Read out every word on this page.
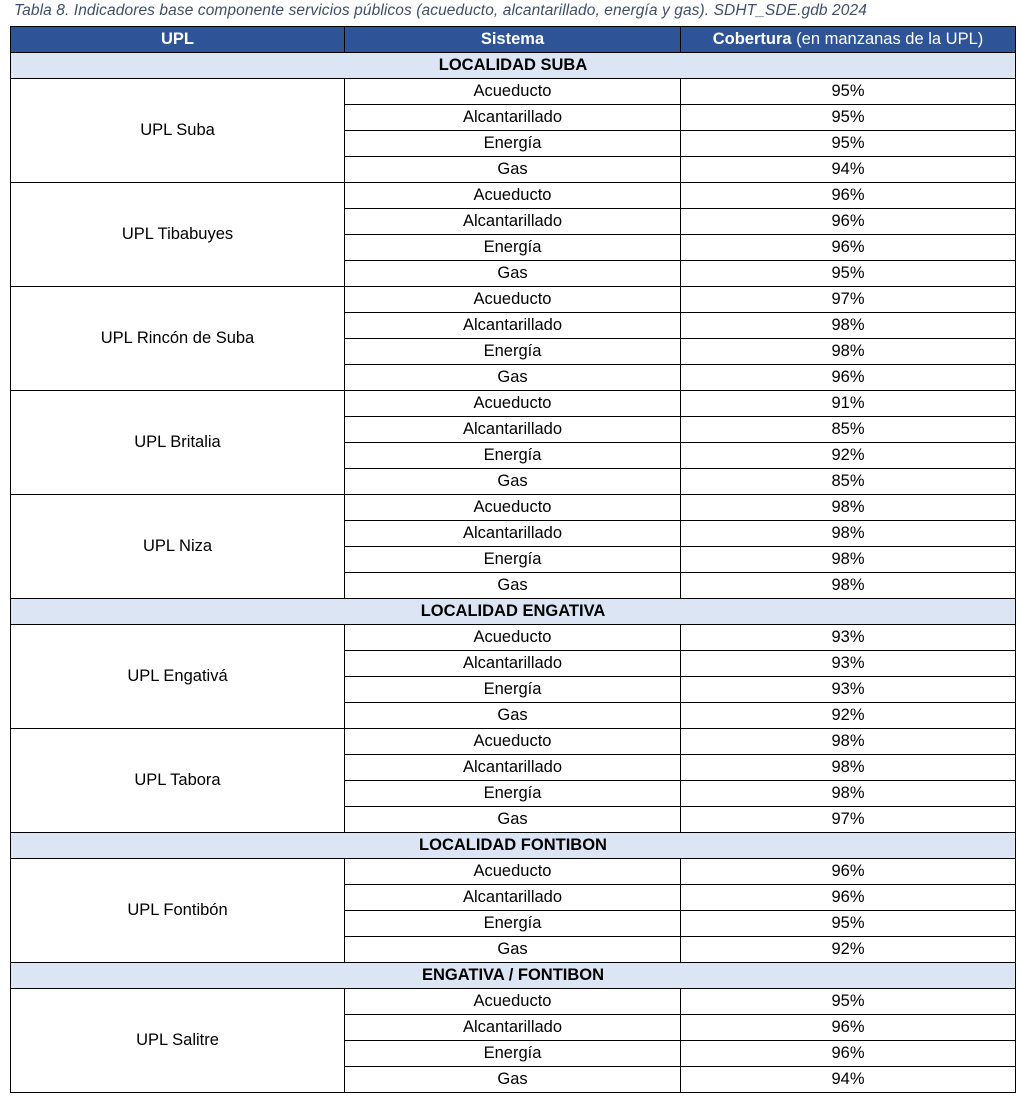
Tabla 8. Indicadores base componente servicios públicos (acueducto, alcantarillado, energía y gas). SDHT_SDE.gdb 2024
UPL	Sistema	Cobertura (en manzanas de la UPL)
LOCALIDAD SUBA		
UPL Suba	Acueducto	95%
	Alcantarillado	95%
	Energía	95%
	Gas	94%
UPL Tibabuyes	Acueducto	96%
	Alcantarillado	96%
	Energía	96%
	Gas	95%
UPL Rincón de Suba	Acueducto	97%
	Alcantarillado	98%
	Energía	98%
	Gas	96%
UPL Britalia	Acueducto	91%
	Alcantarillado	85%
	Energía	92%
	Gas	85%
UPL Niza	Acueducto	98%
	Alcantarillado	98%
	Energía	98%
	Gas	98%
LOCALIDAD ENGATIVA		
UPL Engativá	Acueducto	93%
	Alcantarillado	93%
	Energía	93%
	Gas	92%
UPL Tabora	Acueducto	98%
	Alcantarillado	98%
	Energía	98%
	Gas	97%
LOCALIDAD FONTIBON		
UPL Fontibón	Acueducto	96%
	Alcantarillado	96%
	Energía	95%
	Gas	92%
ENGATIVA / FONTIBON		
UPL Salitre	Acueducto	95%
	Alcantarillado	96%
	Energía	96%
	Gas	94%
